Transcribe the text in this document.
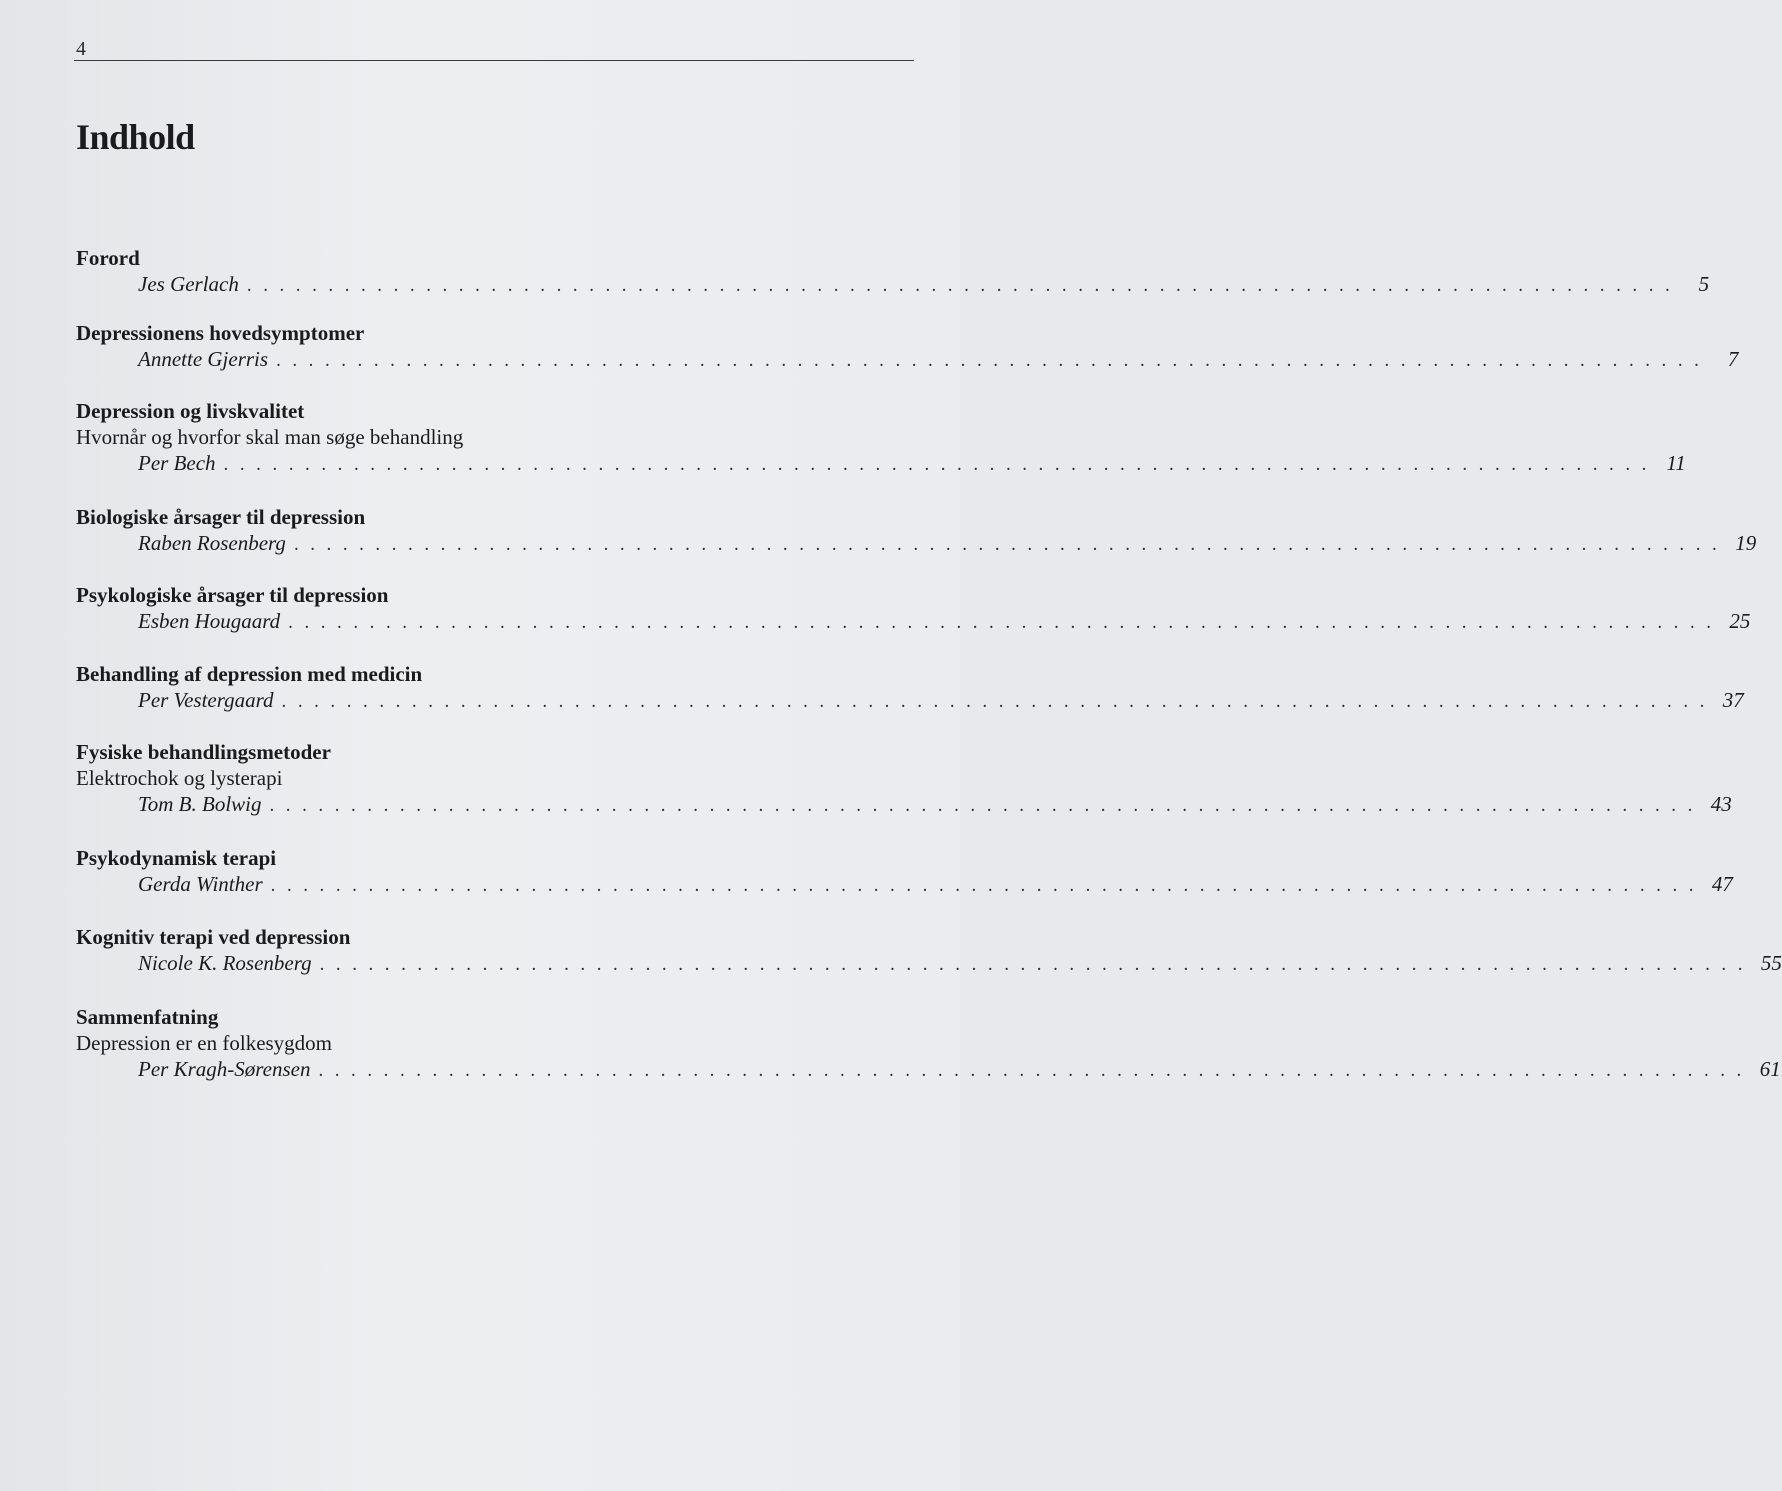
4
Indhold
Forord
Jes Gerlach . . . . . . . . . . . . . . . . . . . . . . . . . . . . . . . . . . . . . . . . . . . . . . . . . . . . . . . . . . . . . . . . . . . . . . . . . . . . . . . . . . . . . . . .	5
Depressionens hovedsymptomer
Annette Gjerris . . . . . . . . . . . . . . . . . . . . . . . . . . . . . . . . . . . . . . . . . . . . . . . . . . . . . . . . . . . . . . . . . . . . . . . . . . . . . . . . . . . . . . . .	7
Depression og livskvalitet
Hvornår og hvorfor skal man søge behandling
Per Bech . . . . . . . . . . . . . . . . . . . . . . . . . . . . . . . . . . . . . . . . . . . . . . . . . . . . . . . . . . . . . . . . . . . . . . . . . . . . . . . . . . . . . . . . 11
Biologiske årsager til depression
Raben Rosenberg . . . . . . . . . . . . . . . . . . . . . . . . . . . . . . . . . . . . . . . . . . . . . . . . . . . . . . . . . . . . . . . . . . . . . . . . . . . . . . . . . . . . . . . . 19
Psykologiske årsager til depression
Esben Hougaard . . . . . . . . . . . . . . . . . . . . . . . . . . . . . . . . . . . . . . . . . . . . . . . . . . . . . . . . . . . . . . . . . . . . . . . . . . . . . . . . . . . . . . . . 25
Behandling af depression med medicin
Per Vestergaard . . . . . . . . . . . . . . . . . . . . . . . . . . . . . . . . . . . . . . . . . . . . . . . . . . . . . . . . . . . . . . . . . . . . . . . . . . . . . . . . . . . . . . . . 37
Fysiske behandlingsmetoder
Elektrochok og lysterapi
Tom B. Bolwig . . . . . . . . . . . . . . . . . . . . . . . . . . . . . . . . . . . . . . . . . . . . . . . . . . . . . . . . . . . . . . . . . . . . . . . . . . . . . . . . . . . . . . . . 43
Psykodynamisk terapi
Gerda Winther . . . . . . . . . . . . . . . . . . . . . . . . . . . . . . . . . . . . . . . . . . . . . . . . . . . . . . . . . . . . . . . . . . . . . . . . . . . . . . . . . . . . . . . . 47
Kognitiv terapi ved depression
Nicole K. Rosenberg . . . . . . . . . . . . . . . . . . . . . . . . . . . . . . . . . . . . . . . . . . . . . . . . . . . . . . . . . . . . . . . . . . . . . . . . . . . . . . . . . . . . . . . . 55
Sammenfatning
Depression er en folkesygdom
Per Kragh-Sørensen . . . . . . . . . . . . . . . . . . . . . . . . . . . . . . . . . . . . . . . . . . . . . . . . . . . . . . . . . . . . . . . . . . . . . . . . . . . . . . . . . . . . . . . . 61
